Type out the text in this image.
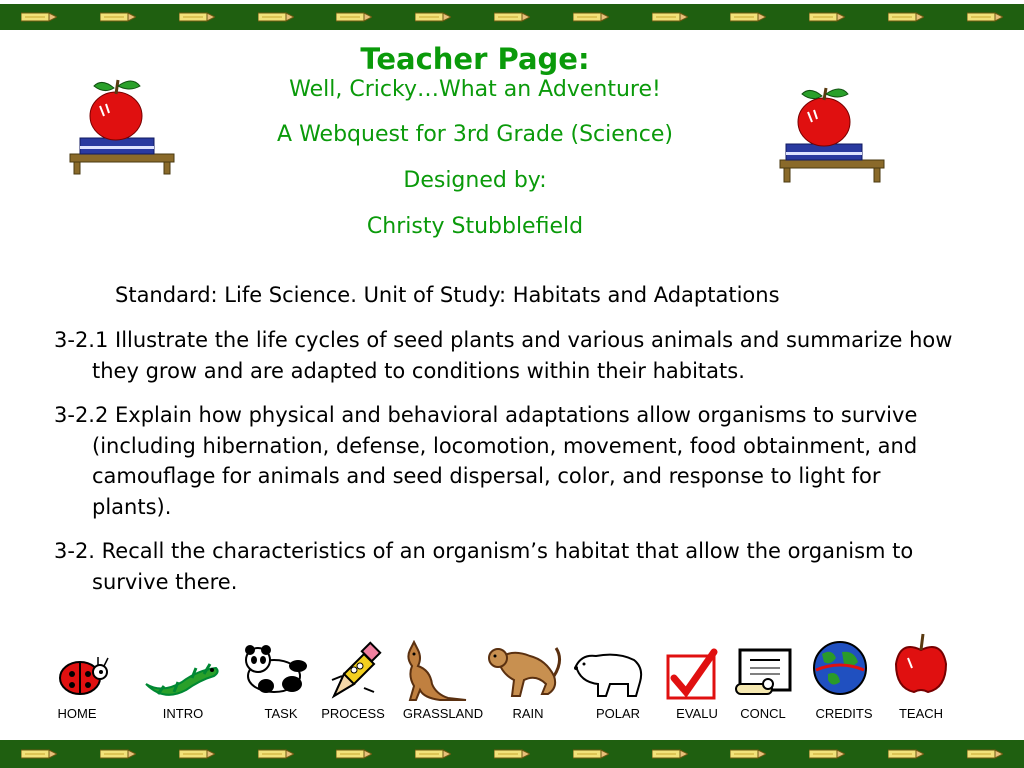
Teacher Page:

Well, Cricky…What an Adventure!

A Webquest for 3rd Grade (Science)

Designed by:

Christy Stubblefield

Standard: Life Science. Unit of Study: Habitats and Adaptations

3-2.1 Illustrate the life cycles of seed plants and various animals and summarize how they grow and are adapted to conditions within their habitats.

3-2.2 Explain how physical and behavioral adaptations allow organisms to survive (including hibernation, defense, locomotion, movement, food obtainment, and camouflage for animals and seed dispersal, color, and response to light for plants).

3-2. Recall the characteristics of an organism’s habitat that allow the organism to survive there.

HOME	INTRO	TASK PROCESS GRASSLAND RAIN	POLAR	EVALU CONCL CREDITS TEACH
